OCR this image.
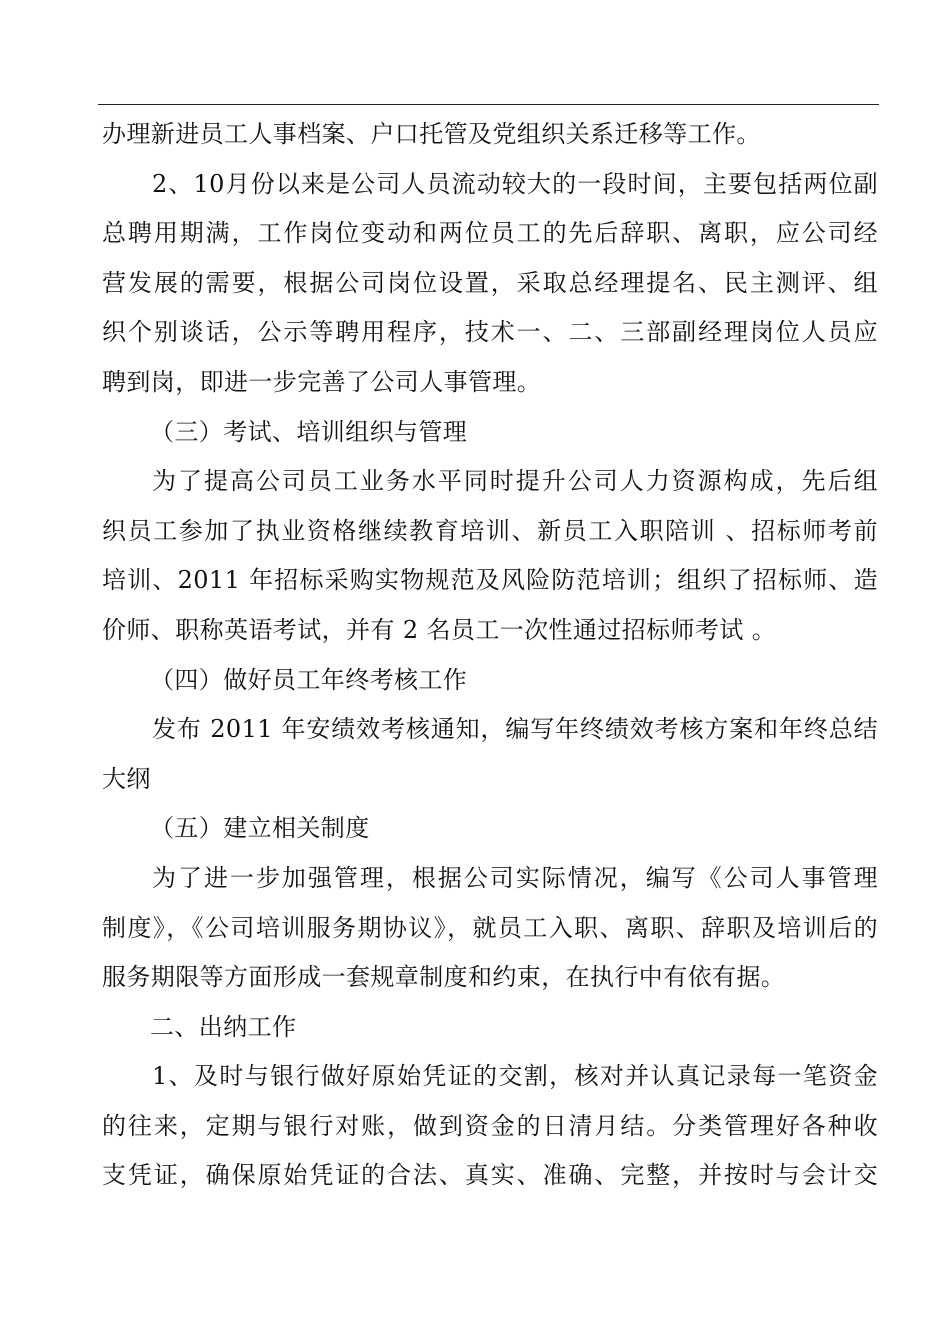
办理新进员工人事档案、户口托管及党组织关系迁移等工作。
2、10月份以来是公司人员流动较大的一段时间，主要包括两位副
总聘用期满，工作岗位变动和两位员工的先后辞职、离职，应公司经
营发展的需要，根据公司岗位设置，采取总经理提名、民主测评、组
织个别谈话，公示等聘用程序，技术一、二、三部副经理岗位人员应
聘到岗，即进一步完善了公司人事管理。
（三）考试、培训组织与管理
为了提高公司员工业务水平同时提升公司人力资源构成，先后组
织员工参加了执业资格继续教育培训、新员工入职陪训 、招标师考前
培训、2011 年招标采购实物规范及风险防范培训；组织了招标师、造
价师、职称英语考试，并有 2 名员工一次性通过招标师考试 。
（四）做好员工年终考核工作
发布 2011 年安绩效考核通知，编写年终绩效考核方案和年终总结
大纲
（五）建立相关制度
为了进一步加强管理，根据公司实际情况，编写《公司人事管理
制度》，《公司培训服务期协议》，就员工入职、离职、辞职及培训后的
服务期限等方面形成一套规章制度和约束，在执行中有依有据。
二、出纳工作
1、及时与银行做好原始凭证的交割，核对并认真记录每一笔资金
的往来，定期与银行对账，做到资金的日清月结。分类管理好各种收
支凭证，确保原始凭证的合法、真实、准确、完整，并按时与会计交
